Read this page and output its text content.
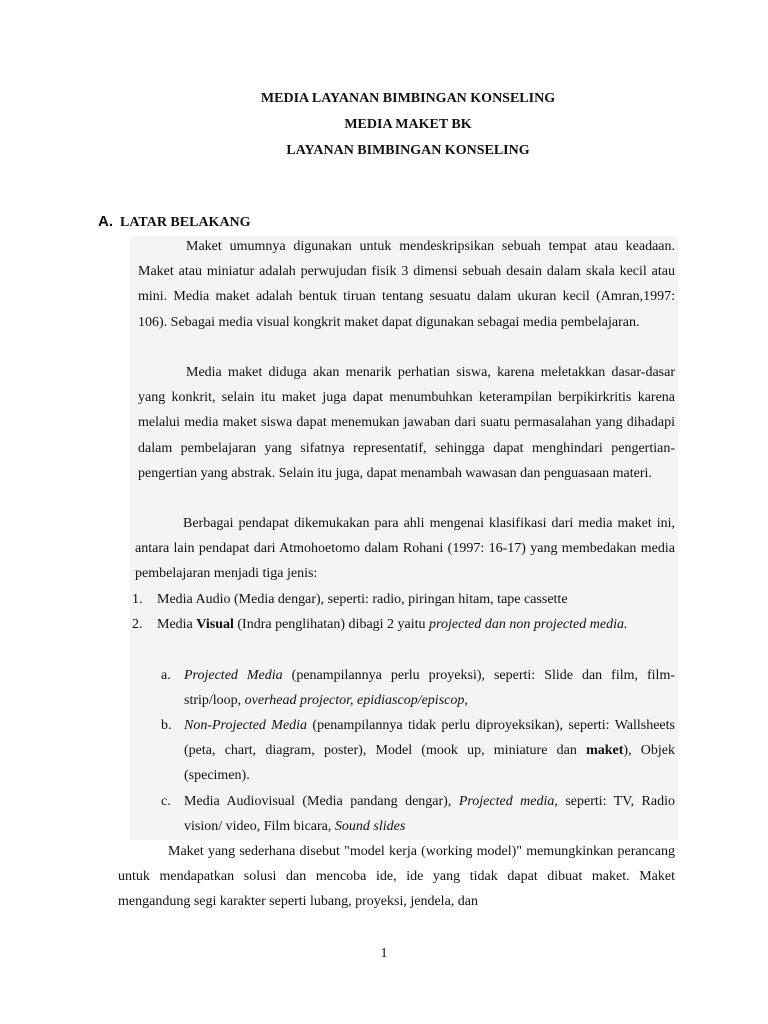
MEDIA LAYANAN BIMBINGAN KONSELING

MEDIA MAKET BK

LAYANAN BIMBINGAN KONSELING

A. LATAR BELAKANG

Maket umumnya digunakan untuk mendeskripsikan sebuah tempat atau keadaan. Maket atau miniatur adalah perwujudan fisik 3 dimensi sebuah desain dalam skala kecil atau mini. Media maket adalah bentuk tiruan tentang sesuatu dalam ukuran kecil (Amran,1997: 106). Sebagai media visual kongkrit maket dapat digunakan sebagai media pembelajaran.

Media maket diduga akan menarik perhatian siswa, karena meletakkan dasar-dasar yang konkrit, selain itu maket juga dapat menumbuhkan keterampilan berpikirkritis karena melalui media maket siswa dapat menemukan jawaban dari suatu permasalahan yang dihadapi dalam pembelajaran yang sifatnya representatif, sehingga dapat menghindari pengertian-pengertian yang abstrak. Selain itu juga, dapat menambah wawasan dan penguasaan materi.

Berbagai pendapat dikemukakan para ahli mengenai klasifikasi dari media maket ini, antara lain pendapat dari Atmohoetomo dalam Rohani (1997: 16-17) yang membedakan media pembelajaran menjadi tiga jenis:

1. Media Audio (Media dengar), seperti: radio, piringan hitam, tape cassette

2. Media Visual (Indra penglihatan) dibagi 2 yaitu projected dan non projected media.

a. Projected Media (penampilannya perlu proyeksi), seperti: Slide dan film, film-strip/loop, overhead projector, epidiascop/episcop,

b. Non-Projected Media (penampilannya tidak perlu diproyeksikan), seperti: Wallsheets (peta, chart, diagram, poster), Model (mook up, miniature dan maket), Objek (specimen).

c. Media Audiovisual (Media pandang dengar), Projected media, seperti: TV, Radio vision/ video, Film bicara, Sound slides

Maket yang sederhana disebut "model kerja (working model)" memungkinkan perancang untuk mendapatkan solusi dan mencoba ide, ide yang tidak dapat dibuat maket. Maket mengandung segi karakter seperti lubang, proyeksi, jendela, dan

1
